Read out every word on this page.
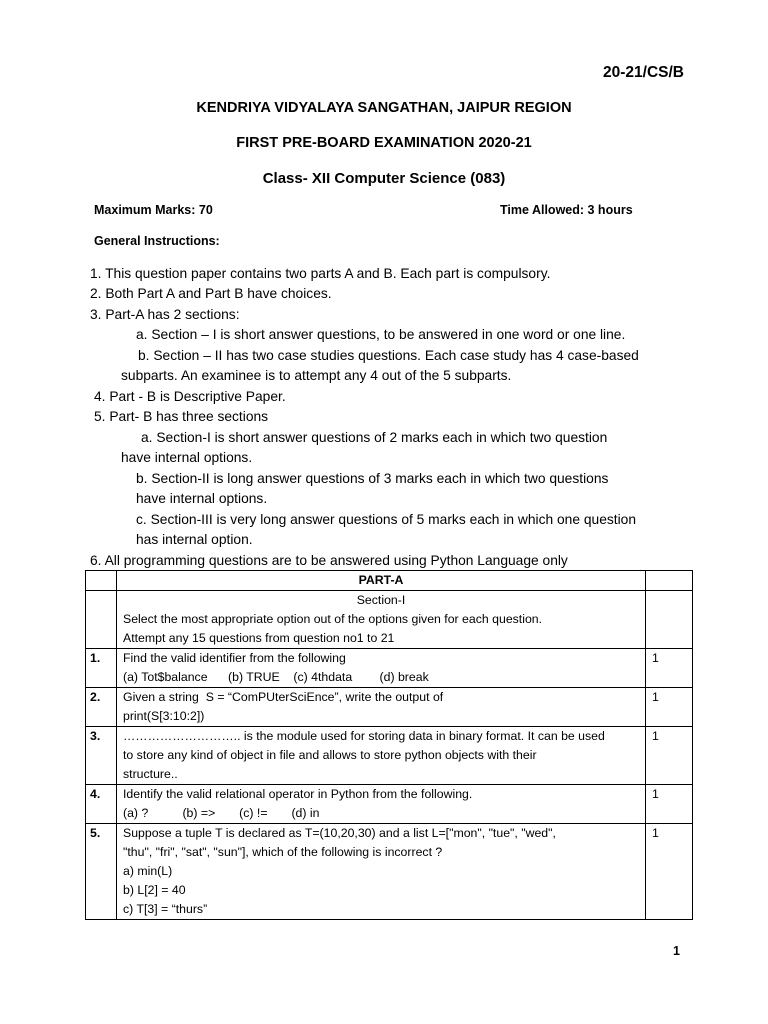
20-21/CS/B
KENDRIYA VIDYALAYA SANGATHAN, JAIPUR REGION
FIRST PRE-BOARD EXAMINATION 2020-21
Class- XII Computer Science (083)
Maximum Marks: 70	Time Allowed: 3 hours
General Instructions:
1. This question paper contains two parts A and B. Each part is compulsory.
2. Both Part A and Part B have choices.
3. Part-A has 2 sections:
a. Section – I is short answer questions, to be answered in one word or one line.
b. Section – II has two case studies questions. Each case study has 4 case-based
subparts. An examinee is to attempt any 4 out of the 5 subparts.
4. Part - B is Descriptive Paper.
5. Part- B has three sections
a. Section-I is short answer questions of 2 marks each in which two question
have internal options.
b. Section-II is long answer questions of 3 marks each in which two questions
have internal options.
c. Section-III is very long answer questions of 5 marks each in which one question
has internal option.
6. All programming questions are to be answered using Python Language only
	PART-A	

	Section-I
Select the most appropriate option out of the options given for each question.
Attempt any 15 questions from question no1 to 21	

1.	Find the valid identifier from the following
(a) Tot$balance      (b) TRUE    (c) 4thdata        (d) break	1
2.	Given a string  S = “ComPUterSciEnce”, write the output of
print(S[3:10:2])	1
3.	……………………….. is the module used for storing data in binary format. It can be used
to store any kind of object in file and allows to store python objects with their
structure..	1
4.	Identify the valid relational operator in Python from the following.
(a) ?          (b) =>       (c) !=       (d) in	1
5.	Suppose a tuple T is declared as T=(10,20,30) and a list L=["mon", "tue", "wed",
"thu", "fri", "sat", "sun"], which of the following is incorrect ?
a) min(L)
b) L[2] = 40
c) T[3] = “thurs”	1
1
